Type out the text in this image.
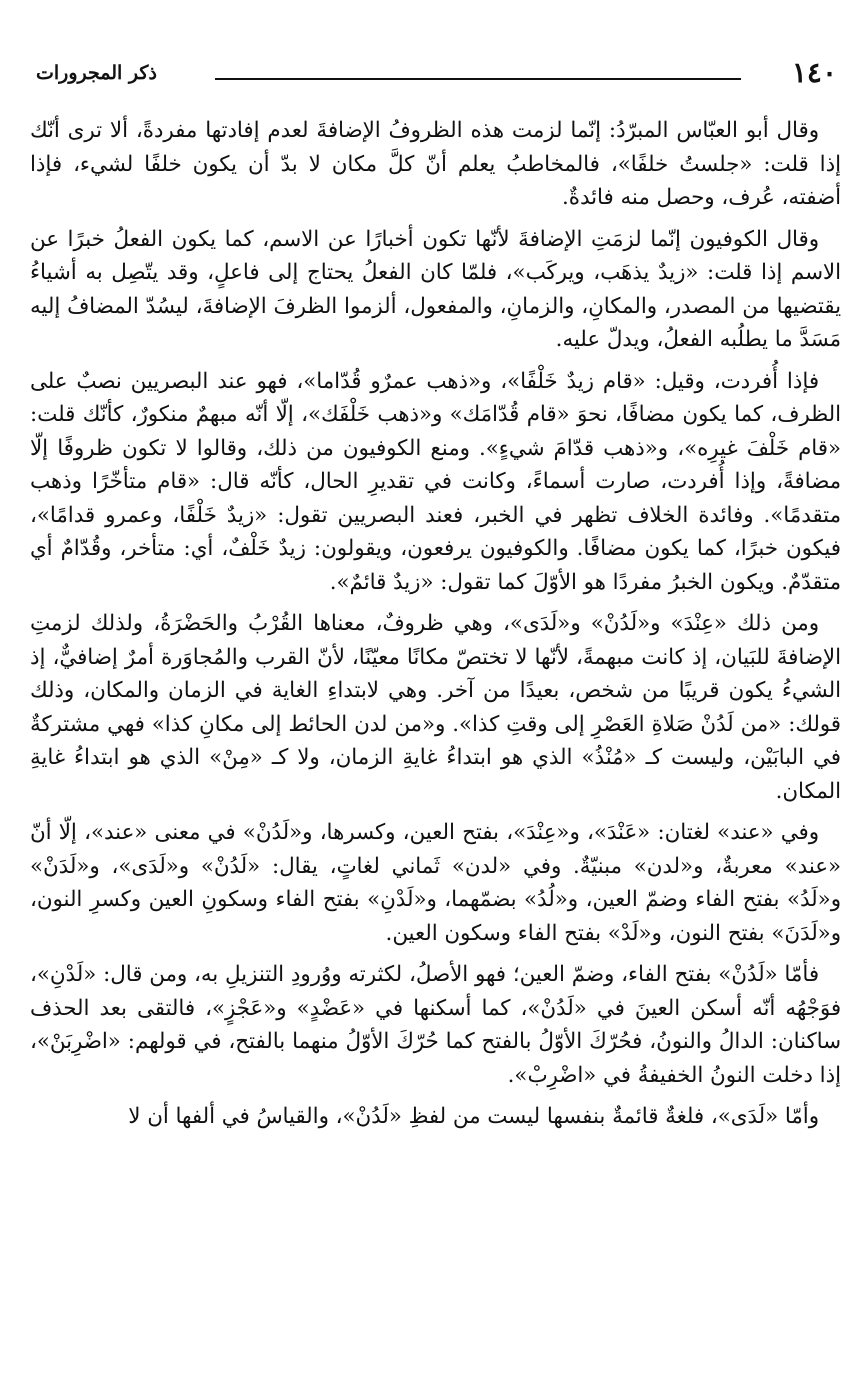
١٤٠
ذكر المجرورات

وقال أبو العبّاس المبرّدُ: إنّما لزمت هذه الظروفُ الإضافةَ لعدم إفادتها مفردةً، ألا ترى أنّك إذا قلت: «جلستُ خلفًا»، فالمخاطبُ يعلم أنّ كلَّ مكان لا بدّ أن يكون خلفًا لشيء، فإذا أضفته، عُرف، وحصل منه فائدةٌ.

وقال الكوفيون إنّما لزمَتِ الإضافةَ لأنّها تكون أخبارًا عن الاسم، كما يكون الفعلُ خبرًا عن الاسم إذا قلت: «زيدٌ يذهَب، ويركَب»، فلمّا كان الفعلُ يحتاج إلى فاعلٍ، وقد يتّصِل به أشياءُ يقتضيها من المصدر، والمكانِ، والزمانِ، والمفعول، ألزموا الظرفَ الإضافةَ، ليسُدّ المضافُ إليه مَسَدَّ ما يطلُبه الفعلُ، ويدلّ عليه.

فإذا أُفردت، وقيل: «قام زيدٌ خَلْفًا»، و«ذهب عمرٌو قُدّاما»، فهو عند البصريين نصبٌ على الظرف، كما يكون مضافًا، نحوَ «قام قُدّامَك» و«ذهب خَلْفَك»، إلّا أنّه مبهمٌ منكورٌ، كأنّك قلت: «قام خَلْفَ غيرِه»، و«ذهب قدّامَ شيءٍ». ومنع الكوفيون من ذلك، وقالوا لا تكون ظروفًا إلّا مضافةً، وإذا أُفردت، صارت أسماءً، وكانت في تقديرِ الحال، كأنّه قال: «قام متأخّرًا وذهب متقدمًا». وفائدة الخلاف تظهر في الخبر، فعند البصريين تقول: «زيدٌ خَلْفًا، وعمرو قدامًا»، فيكون خبرًا، كما يكون مضافًا. والكوفيون يرفعون، ويقولون: زيدٌ خَلْفٌ، أي: متأخر، وقُدّامٌ أي متقدّمٌ. ويكون الخبرُ مفردًا هو الأوّلَ كما تقول: «زيدٌ قائمٌ».

ومن ذلك «عِنْدَ» و«لَدُنْ» و«لَدَى»، وهي ظروفٌ، معناها القُرْبُ والحَضْرَةُ، ولذلك لزمتِ الإضافةَ للبَيان، إذ كانت مبهمةً، لأنّها لا تختصّ مكانًا معيّنًا، لأنّ القرب والمُجاوَرة أمرٌ إضافيٌّ، إذ الشيءُ يكون قريبًا من شخص، بعيدًا من آخر. وهي لابتداءِ الغاية في الزمان والمكان، وذلك قولك: «من لَدُنْ صَلاةِ العَصْرِ إلى وقتِ كذا». و«من لدن الحائط إلى مكانِ كذا» فهي مشتركةٌ في البابَيْن، وليست كـ «مُنْذُ» الذي هو ابتداءُ غايةِ الزمان، ولا كـ «مِنْ» الذي هو ابتداءُ غايةِ المكان.

وفي «عند» لغتان: «عَنْدَ»، و«عِنْدَ»، بفتح العين، وكسرها، و«لَدُنْ» في معنى «عند»، إلّا أنّ «عند» معربةٌ، و«لدن» مبنيّةٌ. وفي «لدن» ثَماني لغاتٍ، يقال: «لَدُنْ» و«لَدَى»، و«لَدَنْ» و«لَدُ» بفتح الفاء وضمّ العين، و«لُدُ» بضمّهما، و«لَدْنِ» بفتح الفاء وسكونِ العين وكسرِ النون، و«لَدَنَ» بفتح النون، و«لَدْ» بفتح الفاء وسكون العين.

فأمّا «لَدُنْ» بفتح الفاء، وضمّ العين؛ فهو الأصلُ، لكثرته ووُرودِ التنزيلِ به، ومن قال: «لَدْنِ»، فوَجْهُه أنّه أسكن العينَ في «لَدُنْ»، كما أسكنها في «عَضْدٍ» و«عَجْزٍ»، فالتقى بعد الحذف ساكنان: الدالُ والنونُ، فحُرّكَ الأوّلُ بالفتح كما حُرّكَ الأوّلُ منهما بالفتح، في قولهم: «اضْرِبَنْ»، إذا دخلت النونُ الخفيفةُ في «اضْرِبْ».

وأمّا «لَدَى»، فلغةٌ قائمةٌ بنفسها ليست من لفظِ «لَدُنْ»، والقياسُ في ألفها أن لا
